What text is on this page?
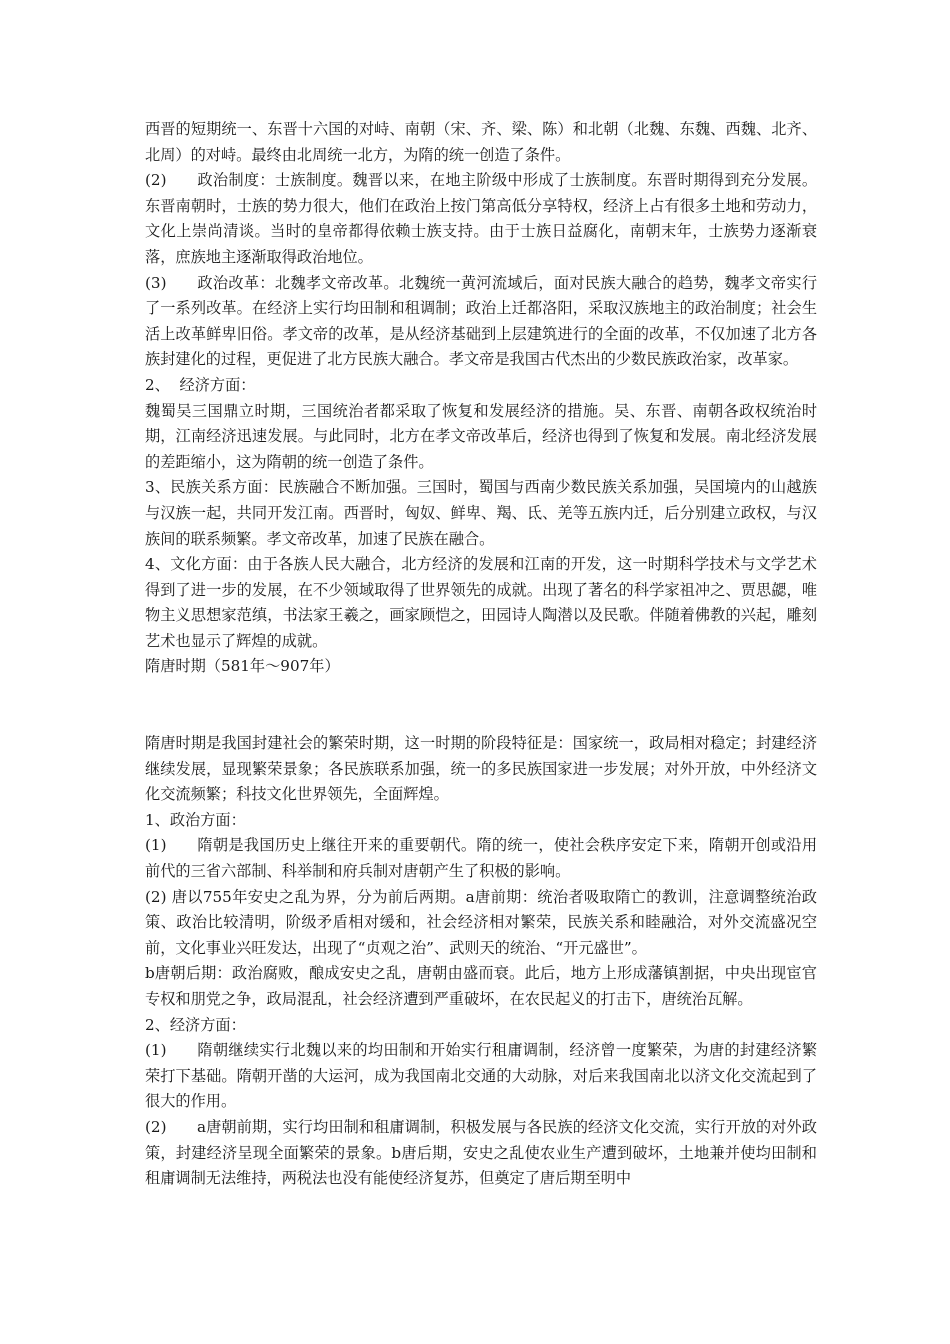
西晋的短期统一、东晋十六国的对峙、南朝（宋、齐、梁、陈）和北朝（北魏、东魏、西魏、北齐、北周）的对峙。最终由北周统一北方，为隋的统一创造了条件。

(2) 政治制度：士族制度。魏晋以来，在地主阶级中形成了士族制度。东晋时期得到充分发展。东晋南朝时，士族的势力很大，他们在政治上按门第高低分享特权，经济上占有很多土地和劳动力，文化上崇尚清谈。当时的皇帝都得依赖士族支持。由于士族日益腐化，南朝末年，士族势力逐渐衰落，庶族地主逐渐取得政治地位。

(3) 政治改革：北魏孝文帝改革。北魏统一黄河流域后，面对民族大融合的趋势，魏孝文帝实行了一系列改革。在经济上实行均田制和租调制；政治上迁都洛阳，采取汉族地主的政治制度；社会生活上改革鲜卑旧俗。孝文帝的改革，是从经济基础到上层建筑进行的全面的改革，不仅加速了北方各族封建化的过程，更促进了北方民族大融合。孝文帝是我国古代杰出的少数民族政治家，改革家。

2、  经济方面：

魏蜀吴三国鼎立时期，三国统治者都采取了恢复和发展经济的措施。吴、东晋、南朝各政权统治时期，江南经济迅速发展。与此同时，北方在孝文帝改革后，经济也得到了恢复和发展。南北经济发展的差距缩小，这为隋朝的统一创造了条件。

3、民族关系方面：民族融合不断加强。三国时，蜀国与西南少数民族关系加强，吴国境内的山越族与汉族一起，共同开发江南。西晋时，匈奴、鲜卑、羯、氐、羌等五族内迁，后分别建立政权，与汉族间的联系频繁。孝文帝改革，加速了民族在融合。

4、文化方面：由于各族人民大融合，北方经济的发展和江南的开发，这一时期科学技术与文学艺术得到了进一步的发展，在不少领域取得了世界领先的成就。出现了著名的科学家祖冲之、贾思勰，唯物主义思想家范缜，书法家王羲之，画家顾恺之，田园诗人陶潜以及民歌。伴随着佛教的兴起，雕刻艺术也显示了辉煌的成就。

隋唐时期（581年～907年）

隋唐时期是我国封建社会的繁荣时期，这一时期的阶段特征是：国家统一，政局相对稳定；封建经济继续发展，显现繁荣景象；各民族联系加强，统一的多民族国家进一步发展；对外开放，中外经济文化交流频繁；科技文化世界领先，全面辉煌。

1、政治方面：

(1) 隋朝是我国历史上继往开来的重要朝代。隋的统一，使社会秩序安定下来，隋朝开创或沿用前代的三省六部制、科举制和府兵制对唐朝产生了积极的影响。

(2) 唐以755年安史之乱为界，分为前后两期。a唐前期：统治者吸取隋亡的教训，注意调整统治政策、政治比较清明，阶级矛盾相对缓和，社会经济相对繁荣，民族关系和睦融洽，对外交流盛况空前，文化事业兴旺发达，出现了“贞观之治”、武则天的统治、“开元盛世”。

b唐朝后期：政治腐败，酿成安史之乱，唐朝由盛而衰。此后，地方上形成藩镇割据，中央出现宦官专权和朋党之争，政局混乱，社会经济遭到严重破坏，在农民起义的打击下，唐统治瓦解。

2、经济方面：

(1) 隋朝继续实行北魏以来的均田制和开始实行租庸调制，经济曾一度繁荣，为唐的封建经济繁荣打下基础。隋朝开凿的大运河，成为我国南北交通的大动脉，对后来我国南北以济文化交流起到了很大的作用。

(2) a唐朝前期，实行均田制和租庸调制，积极发展与各民族的经济文化交流，实行开放的对外政策，封建经济呈现全面繁荣的景象。b唐后期，安史之乱使农业生产遭到破坏，土地兼并使均田制和租庸调制无法维持，两税法也没有能使经济复苏，但奠定了唐后期至明中
